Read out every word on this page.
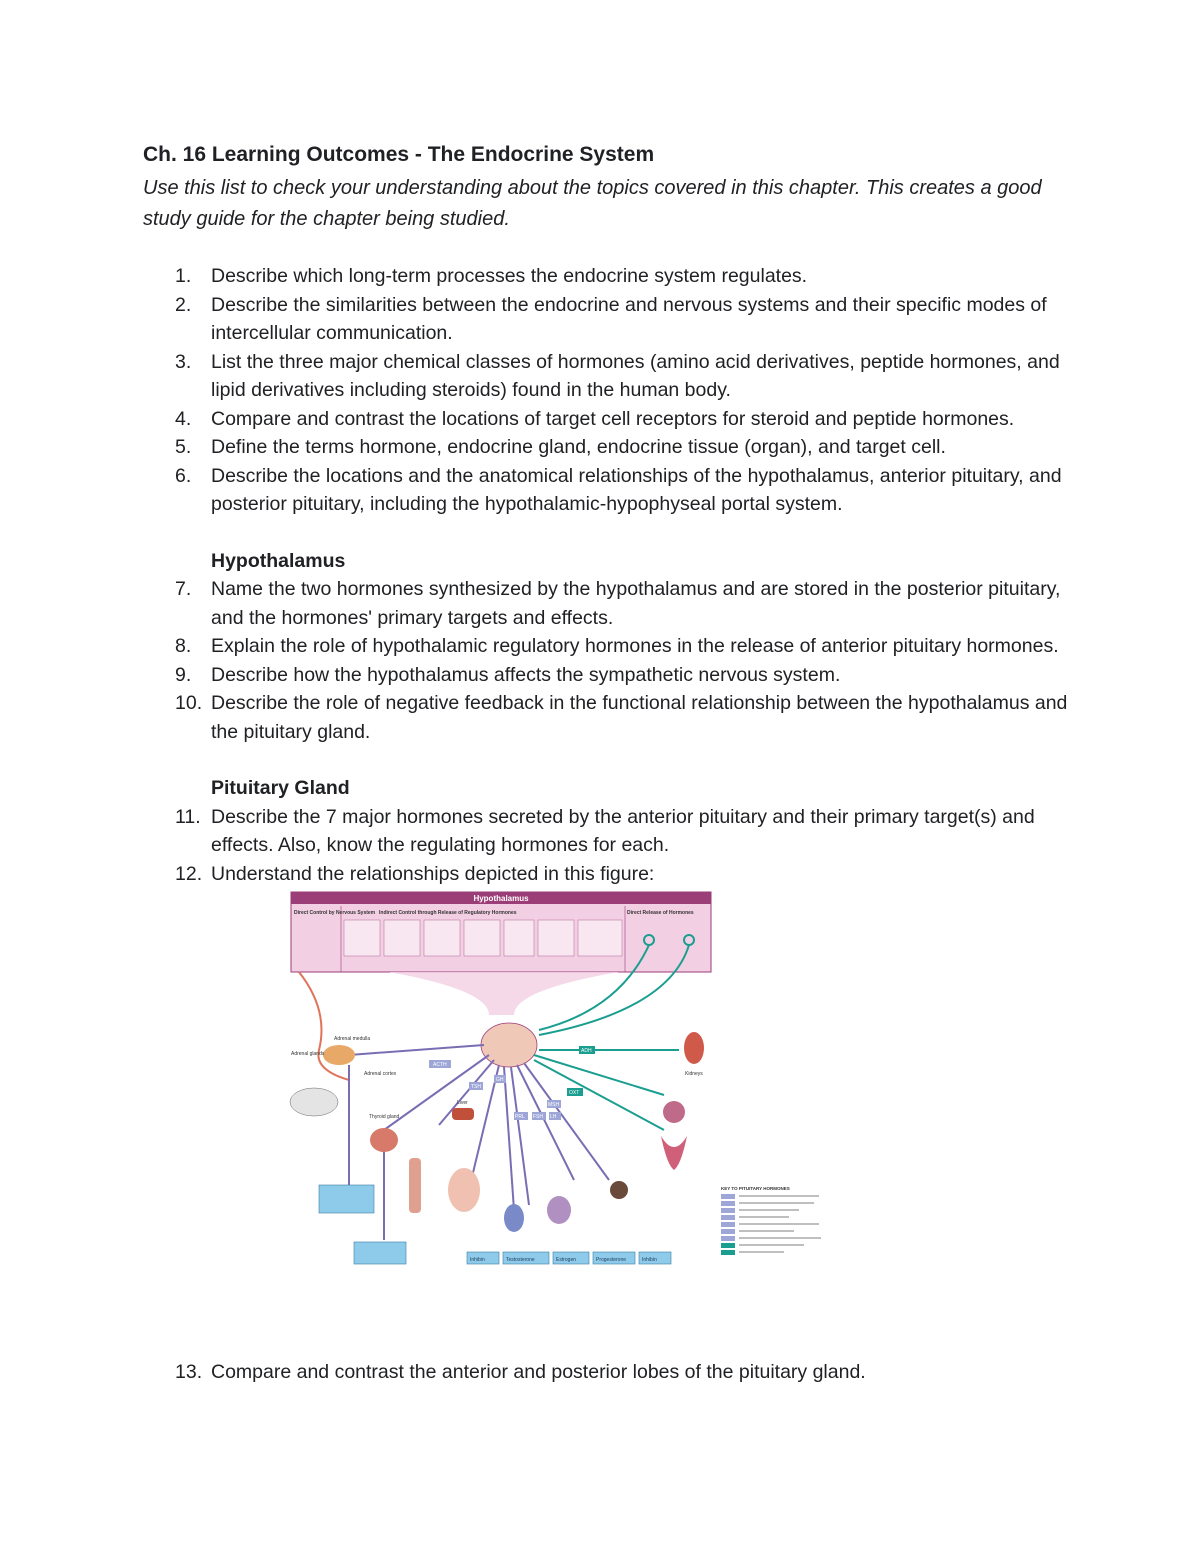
Ch. 16 Learning Outcomes - The Endocrine System

Use this list to check your understanding about the topics covered in this chapter. This creates a good study guide for the chapter being studied.

1.	Describe which long-term processes the endocrine system regulates.
2.	Describe the similarities between the endocrine and nervous systems and their specific modes of intercellular communication.
3.	List the three major chemical classes of hormones (amino acid derivatives, peptide hormones, and lipid derivatives including steroids) found in the human body.
4.	Compare and contrast the locations of target cell receptors for steroid and peptide hormones.
5.	Define the terms hormone, endocrine gland, endocrine tissue (organ), and target cell.
6.	Describe the locations and the anatomical relationships of the hypothalamus, anterior pituitary, and posterior pituitary, including the hypothalamic-hypophyseal portal system.
Hypothalamus
7.	Name the two hormones synthesized by the hypothalamus and are stored in the posterior pituitary, and the hormones' primary targets and effects.
8.	Explain the role of hypothalamic regulatory hormones in the release of anterior pituitary hormones.
9.	Describe how the hypothalamus affects the sympathetic nervous system.
10. Describe the role of negative feedback in the functional relationship between the hypothalamus and the pituitary gland.
Pituitary Gland
11. Describe the 7 major hormones secreted by the anterior pituitary and their primary target(s) and effects. Also, know the regulating hormones for each.
12. Understand the relationships depicted in this figure:
Hypothalamus
Direct Control by Nervous System Indirect Control through Release of Regulatory Hormones	Direct Release of Hormones
Kidneys
Adrenal glands
Adrenal medulla
Adrenal cortex
Thyroid gland
Liver
ACTH
TSH
GH
PRL FSH LH
MSH
ADH
OXT
Inhibin	Testosterone	Estrogen	Progesterone	Inhibin
KEY TO PITUITARY HORMONES
13. Compare and contrast the anterior and posterior lobes of the pituitary gland.
